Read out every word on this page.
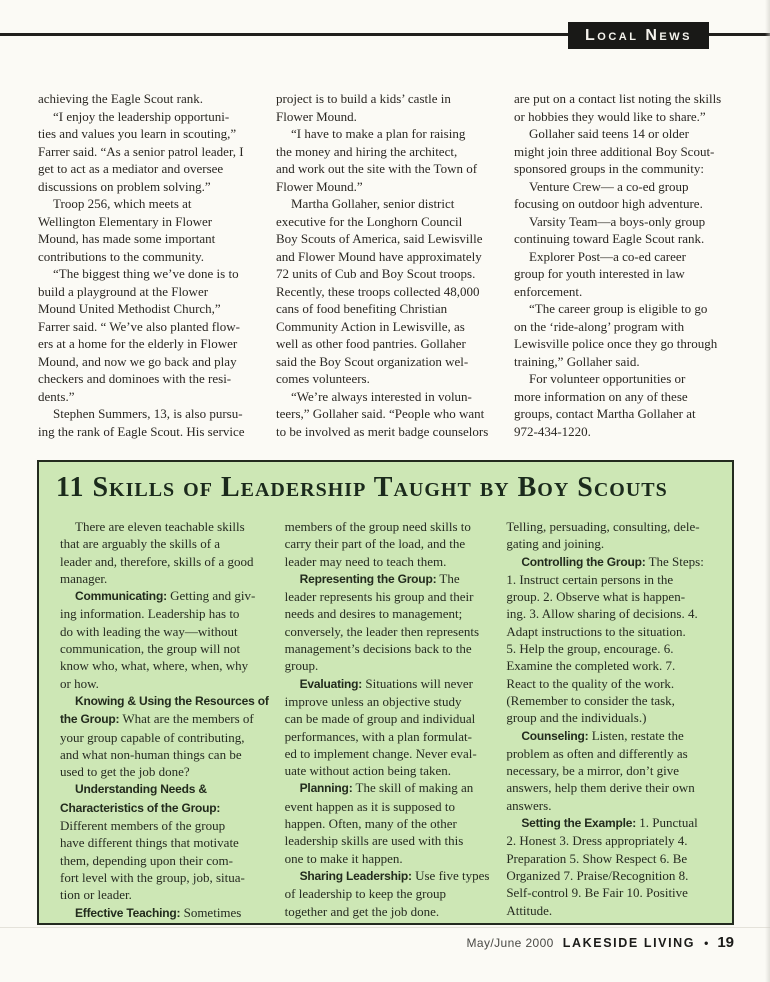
Local News
achieving the Eagle Scout rank.
“I enjoy the leadership opportuni-
ties and values you learn in scouting,”
Farrer said. “As a senior patrol leader, I
get to act as a mediator and oversee
discussions on problem solving.”
Troop 256, which meets at
Wellington Elementary in Flower
Mound, has made some important
contributions to the community.
“The biggest thing we’ve done is to
build a playground at the Flower
Mound United Methodist Church,”
Farrer said. “ We’ve also planted flow-
ers at a home for the elderly in Flower
Mound, and now we go back and play
checkers and dominoes with the resi-
dents.”
Stephen Summers, 13, is also pursu-
ing the rank of Eagle Scout. His service
project is to build a kids’ castle in
Flower Mound.
“I have to make a plan for raising
the money and hiring the architect,
and work out the site with the Town of
Flower Mound.”
Martha Gollaher, senior district
executive for the Longhorn Council
Boy Scouts of America, said Lewisville
and Flower Mound have approximately
72 units of Cub and Boy Scout troops.
Recently, these troops collected 48,000
cans of food benefiting Christian
Community Action in Lewisville, as
well as other food pantries. Gollaher
said the Boy Scout organization wel-
comes volunteers.
“We’re always interested in volun-
teers,” Gollaher said. “People who want
to be involved as merit badge counselors
are put on a contact list noting the skills
or hobbies they would like to share.”
Gollaher said teens 14 or older
might join three additional Boy Scout-
sponsored groups in the community:
Venture Crew— a co-ed group
focusing on outdoor high adventure.
Varsity Team—a boys-only group
continuing toward Eagle Scout rank.
Explorer Post—a co-ed career
group for youth interested in law
enforcement.
“The career group is eligible to go
on the ‘ride-along’ program with
Lewisville police once they go through
training,” Gollaher said.
For volunteer opportunities or
more information on any of these
groups, contact Martha Gollaher at
972-434-1220.
11 Skills of Leadership Taught by Boy Scouts
There are eleven teachable skills
that are arguably the skills of a
leader and, therefore, skills of a good
manager.
Communicating: Getting and giv-
ing information. Leadership has to
do with leading the way—without
communication, the group will not
know who, what, where, when, why
or how.
Knowing & Using the Resources of
the Group: What are the members of
your group capable of contributing,
and what non-human things can be
used to get the job done?
Understanding Needs &
Characteristics of the Group:
Different members of the group
have different things that motivate
them, depending upon their com-
fort level with the group, job, situa-
tion or leader.
Effective Teaching: Sometimes
members of the group need skills to
carry their part of the load, and the
leader may need to teach them.
Representing the Group: The
leader represents his group and their
needs and desires to management;
conversely, the leader then represents
management’s decisions back to the
group.
Evaluating: Situations will never
improve unless an objective study
can be made of group and individual
performances, with a plan formulat-
ed to implement change. Never eval-
uate without action being taken.
Planning: The skill of making an
event happen as it is supposed to
happen. Often, many of the other
leadership skills are used with this
one to make it happen.
Sharing Leadership: Use five types
of leadership to keep the group
together and get the job done.
Telling, persuading, consulting, dele-
gating and joining.
Controlling the Group: The Steps:
1. Instruct certain persons in the
group. 2. Observe what is happen-
ing. 3. Allow sharing of decisions. 4.
Adapt instructions to the situation.
5. Help the group, encourage. 6.
Examine the completed work. 7.
React to the quality of the work.
(Remember to consider the task,
group and the individuals.)
Counseling: Listen, restate the
problem as often and differently as
necessary, be a mirror, don’t give
answers, help them derive their own
answers.
Setting the Example: 1. Punctual
2. Honest 3. Dress appropriately 4.
Preparation 5. Show Respect 6. Be
Organized 7. Praise/Recognition 8.
Self-control 9. Be Fair 10. Positive
Attitude.
May/June 2000 LAKESIDE LIVING • 19
